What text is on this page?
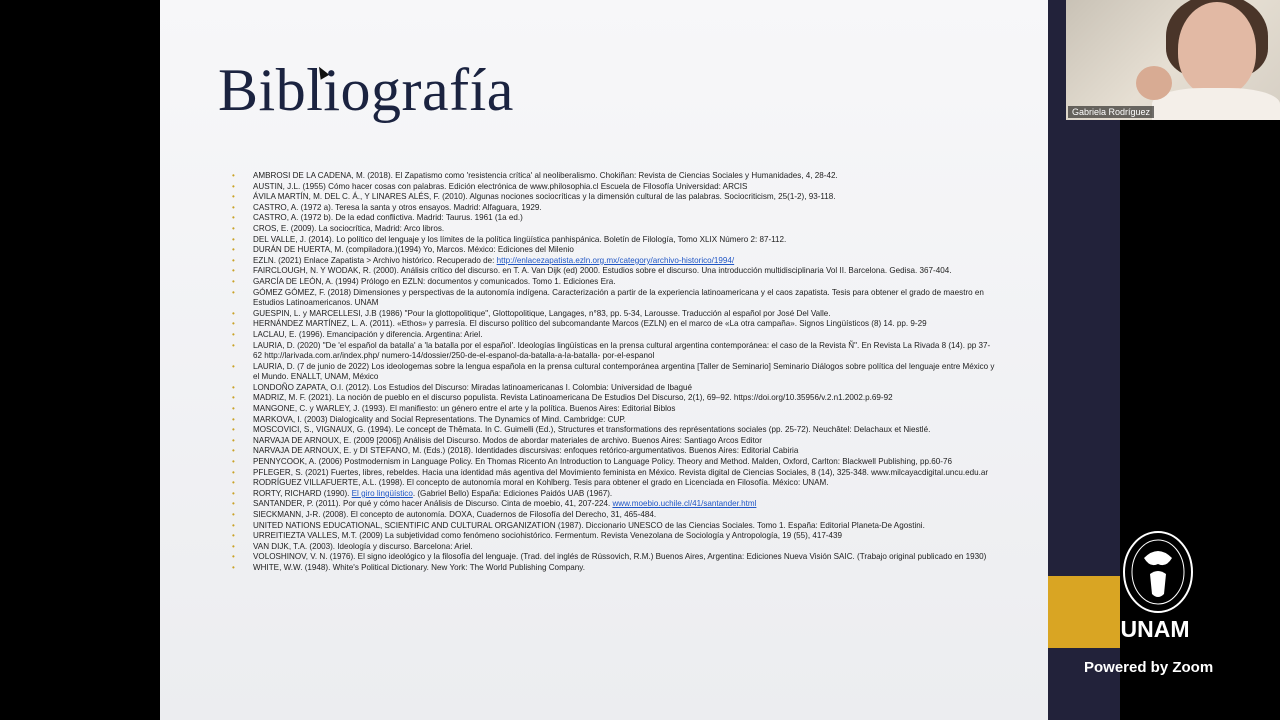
Bibliografía
• AMBROSI DE LA CADENA, M. (2018). El Zapatismo como 'resistencia crítica' al neoliberalismo. Chokiñan: Revista de Ciencias Sociales y Humanidades, 4, 28-42.
• AUSTIN, J.L. (1955) Cómo hacer cosas con palabras. Edición electrónica de www.philosophia.cl Escuela de Filosofía Universidad: ARCIS
• ÁVILA MARTÍN, M. DEL C. Á., Y LINARES ALÉS, F. (2010). Algunas nociones sociocríticas y la dimensión cultural de las palabras. Sociocriticism, 25(1-2), 93-118.
• CASTRO, A. (1972 a). Teresa la santa y otros ensayos. Madrid: Alfaguara, 1929.
• CASTRO, A. (1972 b). De la edad conflictiva. Madrid: Taurus. 1961 (1a ed.)
• CROS, E. (2009). La sociocrítica, Madrid: Arco libros.
• DEL VALLE, J. (2014). Lo político del lenguaje y los límites de la política lingüística panhispánica. Boletín de Filología, Tomo XLIX Número 2: 87-112.
• DURÁN DE HUERTA, M. (compiladora.)(1994) Yo, Marcos. México: Ediciones del Milenio
• EZLN. (2021) Enlace Zapatista > Archivo histórico. Recuperado de: http://enlacezapatista.ezln.org.mx/category/archivo-historico/1994/
• FAIRCLOUGH, N. Y WODAK, R. (2000). Análisis crítico del discurso. en T. A. Van Dijk (ed) 2000. Estudios sobre el discurso. Una introducción multidisciplinaria Vol II. Barcelona. Gedisa. 367-404.
• GARCÍA DE LEÓN, A. (1994) Prólogo en EZLN: documentos y comunicados. Tomo 1. Ediciones Era.
• GÓMEZ GÓMEZ, F. (2018) Dimensiones y perspectivas de la autonomía indígena. Caracterización a partir de la experiencia latinoamericana y el caos zapatista. Tesis para obtener el grado de maestro en Estudios Latinoamericanos. UNAM
• GUESPIN, L. y MARCELLESI, J.B (1986) "Pour la glottopolitique", Glottopolitique, Langages, n°83, pp. 5-34, Larousse. Traducción al español por José Del Valle.
• HERNÁNDEZ MARTÍNEZ, L. A. (2011). «Ethos» y parresía. El discurso político del subcomandante Marcos (EZLN) en el marco de «La otra campaña». Signos Lingüísticos (8) 14. pp. 9-29
• LACLAU, E. (1996). Emancipación y diferencia. Argentina: Ariel.
• LAURIA, D. (2020) "De 'el español da batalla' a 'la batalla por el español'. Ideologías lingüísticas en la prensa cultural argentina contemporánea: el caso de la Revista Ñ". En Revista La Rivada 8 (14). pp 37-62 http://larivada.com.ar/index.php/ numero-14/dossier/250-de-el-espanol-da-batalla-a-la-batalla- por-el-espanol
• LAURIA, D. (7 de junio de 2022) Los ideologemas sobre la lengua española en la prensa cultural contemporánea argentina [Taller de Seminario] Seminario Diálogos sobre política del lenguaje entre México y el Mundo. ENALLT, UNAM, México
• LONDOÑO ZAPATA, O.I. (2012). Los Estudios del Discurso: Miradas latinoamericanas I. Colombia: Universidad de Ibagué
• MADRIZ, M. F. (2021). La noción de pueblo en el discurso populista. Revista Latinoamericana De Estudios Del Discurso, 2(1), 69–92. https://doi.org/10.35956/v.2.n1.2002.p.69-92
• MANGONE, C. y WARLEY, J. (1993). El manifiesto: un género entre el arte y la política. Buenos Aires: Editorial Biblos
• MARKOVA, I. (2003) Dialogicality and Social Representations. The Dynamics of Mind. Cambridge: CUP.
• MOSCOVICI, S., VIGNAUX, G. (1994). Le concept de Thêmata. In C. Guimelli (Ed.), Structures et transformations des représentations sociales (pp. 25-72). Neuchâtel: Delachaux et Niestlé.
• NARVAJA DE ARNOUX, E. (2009 [2006]) Análisis del Discurso. Modos de abordar materiales de archivo. Buenos Aires: Santiago Arcos Editor
• NARVAJA DE ARNOUX, E. y DI STEFANO, M. (Eds.) (2018). Identidades discursivas: enfoques retórico-argumentativos. Buenos Aires: Editorial Cabiria
• PENNYCOOK, A. (2006) Postmodernism in Language Policy. En Thomas Ricento An Introduction to Language Policy. Theory and Method. Malden, Oxford, Carlton: Blackwell Publishing, pp.60-76
• PFLEGER, S. (2021) Fuertes, libres, rebeldes. Hacia una identidad más agentiva del Movimiento feminista en México. Revista digital de Ciencias Sociales, 8 (14), 325-348. www.milcayacdigital.uncu.edu.ar
• RODRÍGUEZ VILLAFUERTE, A.L. (1998). El concepto de autonomía moral en Kohlberg. Tesis para obtener el grado en Licenciada en Filosofía. México: UNAM.
• RORTY, RICHARD (1990). El giro lingüístico. (Gabriel Bello) España: Ediciones Paidós UAB (1967).
• SANTANDER, P. (2011). Por qué y cómo hacer Análisis de Discurso. Cinta de moebio, 41, 207-224. www.moebio.uchile.cl/41/santander.html
• SIECKMANN, J-R. (2008). El concepto de autonomía. DOXA, Cuadernos de Filosofía del Derecho, 31, 465-484.
• UNITED NATIONS EDUCATIONAL, SCIENTIFIC AND CULTURAL ORGANIZATION (1987). Diccionario UNESCO de las Ciencias Sociales. Tomo 1. España: Editorial Planeta-De Agostini.
• URREITIEZTA VALLES, M.T. (2009) La subjetividad como fenómeno sociohistórico. Fermentum. Revista Venezolana de Sociología y Antropología, 19 (55), 417-439
• VAN DIJK, T.A. (2003). Ideología y discurso. Barcelona: Ariel.
• VOLOSHINOV, V. N. (1976). El signo ideológico y la filosofía del lenguaje. (Trad. del inglés de Rússovich, R.M.) Buenos Aires, Argentina: Ediciones Nueva Visión SAIC. (Trabajo original publicado en 1930)
• WHITE, W.W. (1948). White's Political Dictionary. New York: The World Publishing Company.
Gabriela Rodríguez
UNAM
Powered by Zoom
